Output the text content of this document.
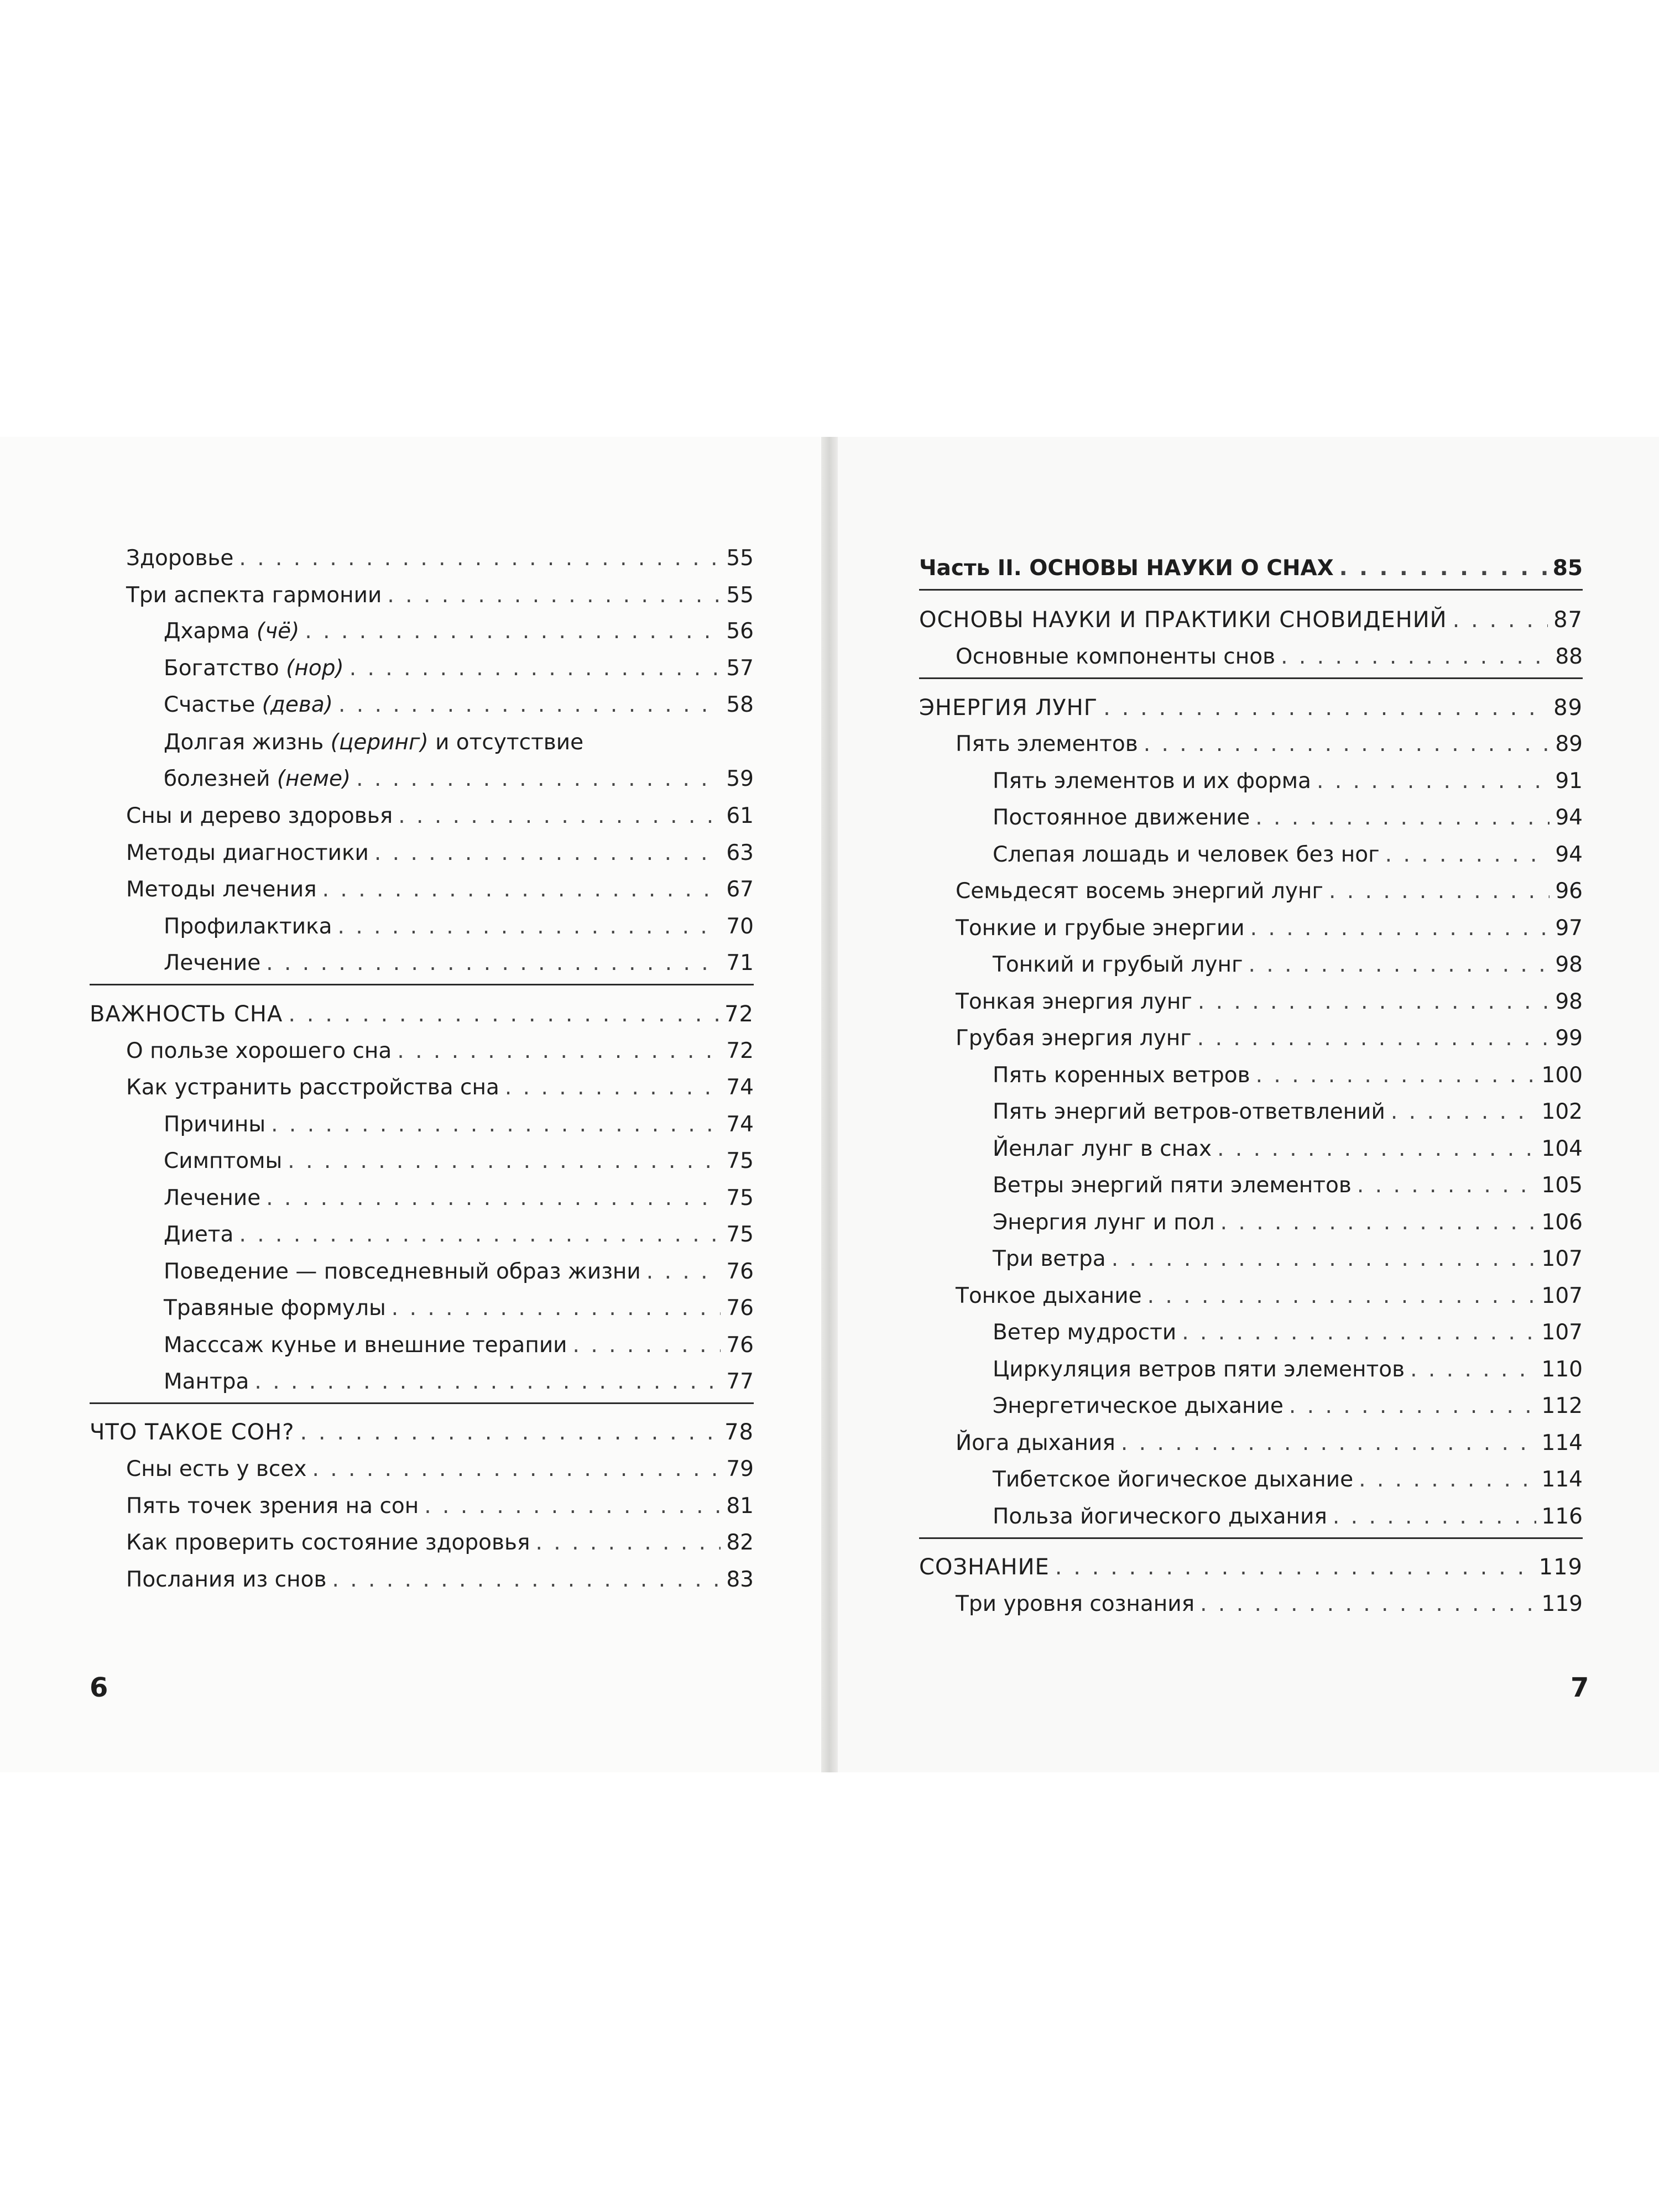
Здоровье . . .	55
Три аспекта гармонии . . .	55
Дхарма (чё) . . .	56
Богатство (нор) . . .	57
Счастье (дева) . . .	58
Долгая жизнь (церинг) и отсутствие
болезней (неме) . . .	59
Сны и дерево здоровья . . .	61
Методы диагностики . . .	63
Методы лечения . . .	67
Профилактика . . .	70
Лечение . . .	71
ВАЖНОСТЬ СНА . . .	72
О пользе хорошего сна . . .	72
Как устранить расстройства сна . . .	74
Причины . . .	74
Симптомы . . .	75
Лечение . . .	75
Диета . . .	75
Поведение — повседневный образ жизни . . .	76
Травяные формулы . . .	76
Масссаж кунье и внешние терапии . . .	76
Мантра . . .	77
ЧТО ТАКОЕ СОН? . . .	78
Сны есть у всех . . .	79
Пять точек зрения на сон . . .	81
Как проверить состояние здоровья . . .	82
Послания из снов . . .	83
6
Часть II. ОСНОВЫ НАУКИ О СНАХ . . .	85
ОСНОВЫ НАУКИ И ПРАКТИКИ СНОВИДЕНИЙ . . .	87
Основные компоненты снов . . .	88
ЭНЕРГИЯ ЛУНГ . . .	89
Пять элементов . . .	89
Пять элементов и их форма . . .	91
Постоянное движение . . .	94
Слепая лошадь и человек без ног . . .	94
Семьдесят восемь энергий лунг . . .	96
Тонкие и грубые энергии . . .	97
Тонкий и грубый лунг . . .	98
Тонкая энергия лунг . . .	98
Грубая энергия лунг . . .	99
Пять коренных ветров . . .	100
Пять энергий ветров-ответвлений . . .	102
Йенлаг лунг в снах . . .	104
Ветры энергий пяти элементов . . .	105
Энергия лунг и пол . . .	106
Три ветра . . .	107
Тонкое дыхание . . .	107
Ветер мудрости . . .	107
Циркуляция ветров пяти элементов . . .	110
Энергетическое дыхание . . .	112
Йога дыхания . . .	114
Тибетское йогическое дыхание . . .	114
Польза йогического дыхания . . .	116
СОЗНАНИЕ . . .	119
Три уровня сознания . . .	119
7
